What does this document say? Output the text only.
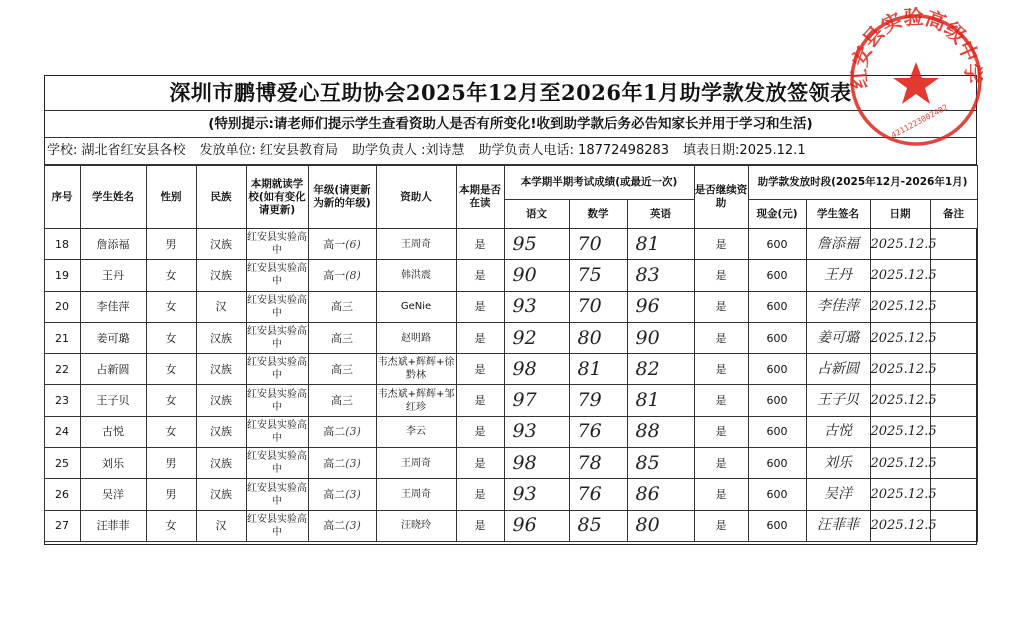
深圳市鹏博爱心互助协会2025年12月至2026年1月助学款发放签领表
(特别提示:请老师们提示学生查看资助人是否有所变化!收到助学款后务必告知家长并用于学习和生活)
学校: 湖北省红安县各校 发放单位: 红安县教育局 助学负责人 :刘诗慧 助学负责人电话: 18772498283 填表日期:2025.12.1
序号	学生姓名	性别	民族	本期就读学校(如有变化请更新)	年级(请更新为新的年级)	资助人	本期是否在读	本学期半期考试成绩(或最近一次)			是否继续资助	助学款发放时段(2025年12月-2026年1月)			
								语文	数学	英语		现金(元)	学生签名	日期	备注
18	詹添福	男	汉族	红安县实验高中	高一(6)	王周奇	是	95	70	81	是	600	詹添福	2025.12.5	
19	王丹	女	汉族	红安县实验高中	高一(8)	韩洪震	是	90	75	83	是	600	王丹	2025.12.5	
20	李佳萍	女	汉	红安县实验高中	高三	GeNie	是	93	70	96	是	600	李佳萍	2025.12.5	
21	姜可璐	女	汉族	红安县实验高中	高三	赵明路	是	92	80	90	是	600	姜可璐	2025.12.5	
22	占新圆	女	汉族	红安县实验高中	高三	韦杰斌+辉辉+徐黔林	是	98	81	82	是	600	占新圆	2025.12.5	
23	王子贝	女	汉族	红安县实验高中	高三	韦杰斌+辉辉+邹红珍	是	97	79	81	是	600	王子贝	2025.12.5	
24	古悦	女	汉族	红安县实验高中	高二(3)	李云	是	93	76	88	是	600	古悦	2025.12.5	
25	刘乐	男	汉族	红安县实验高中	高二(3)	王周奇	是	98	78	85	是	600	刘乐	2025.12.5	
26	吴洋	男	汉族	红安县实验高中	高二(3)	王周奇	是	93	76	86	是	600	吴洋	2025.12.5	
27	汪菲菲	女	汉	红安县实验高中	高二(3)	汪晓玲	是	96	85	80	是	600	汪菲菲	2025.12.5	
红安县实验高级中学
4211223002402
